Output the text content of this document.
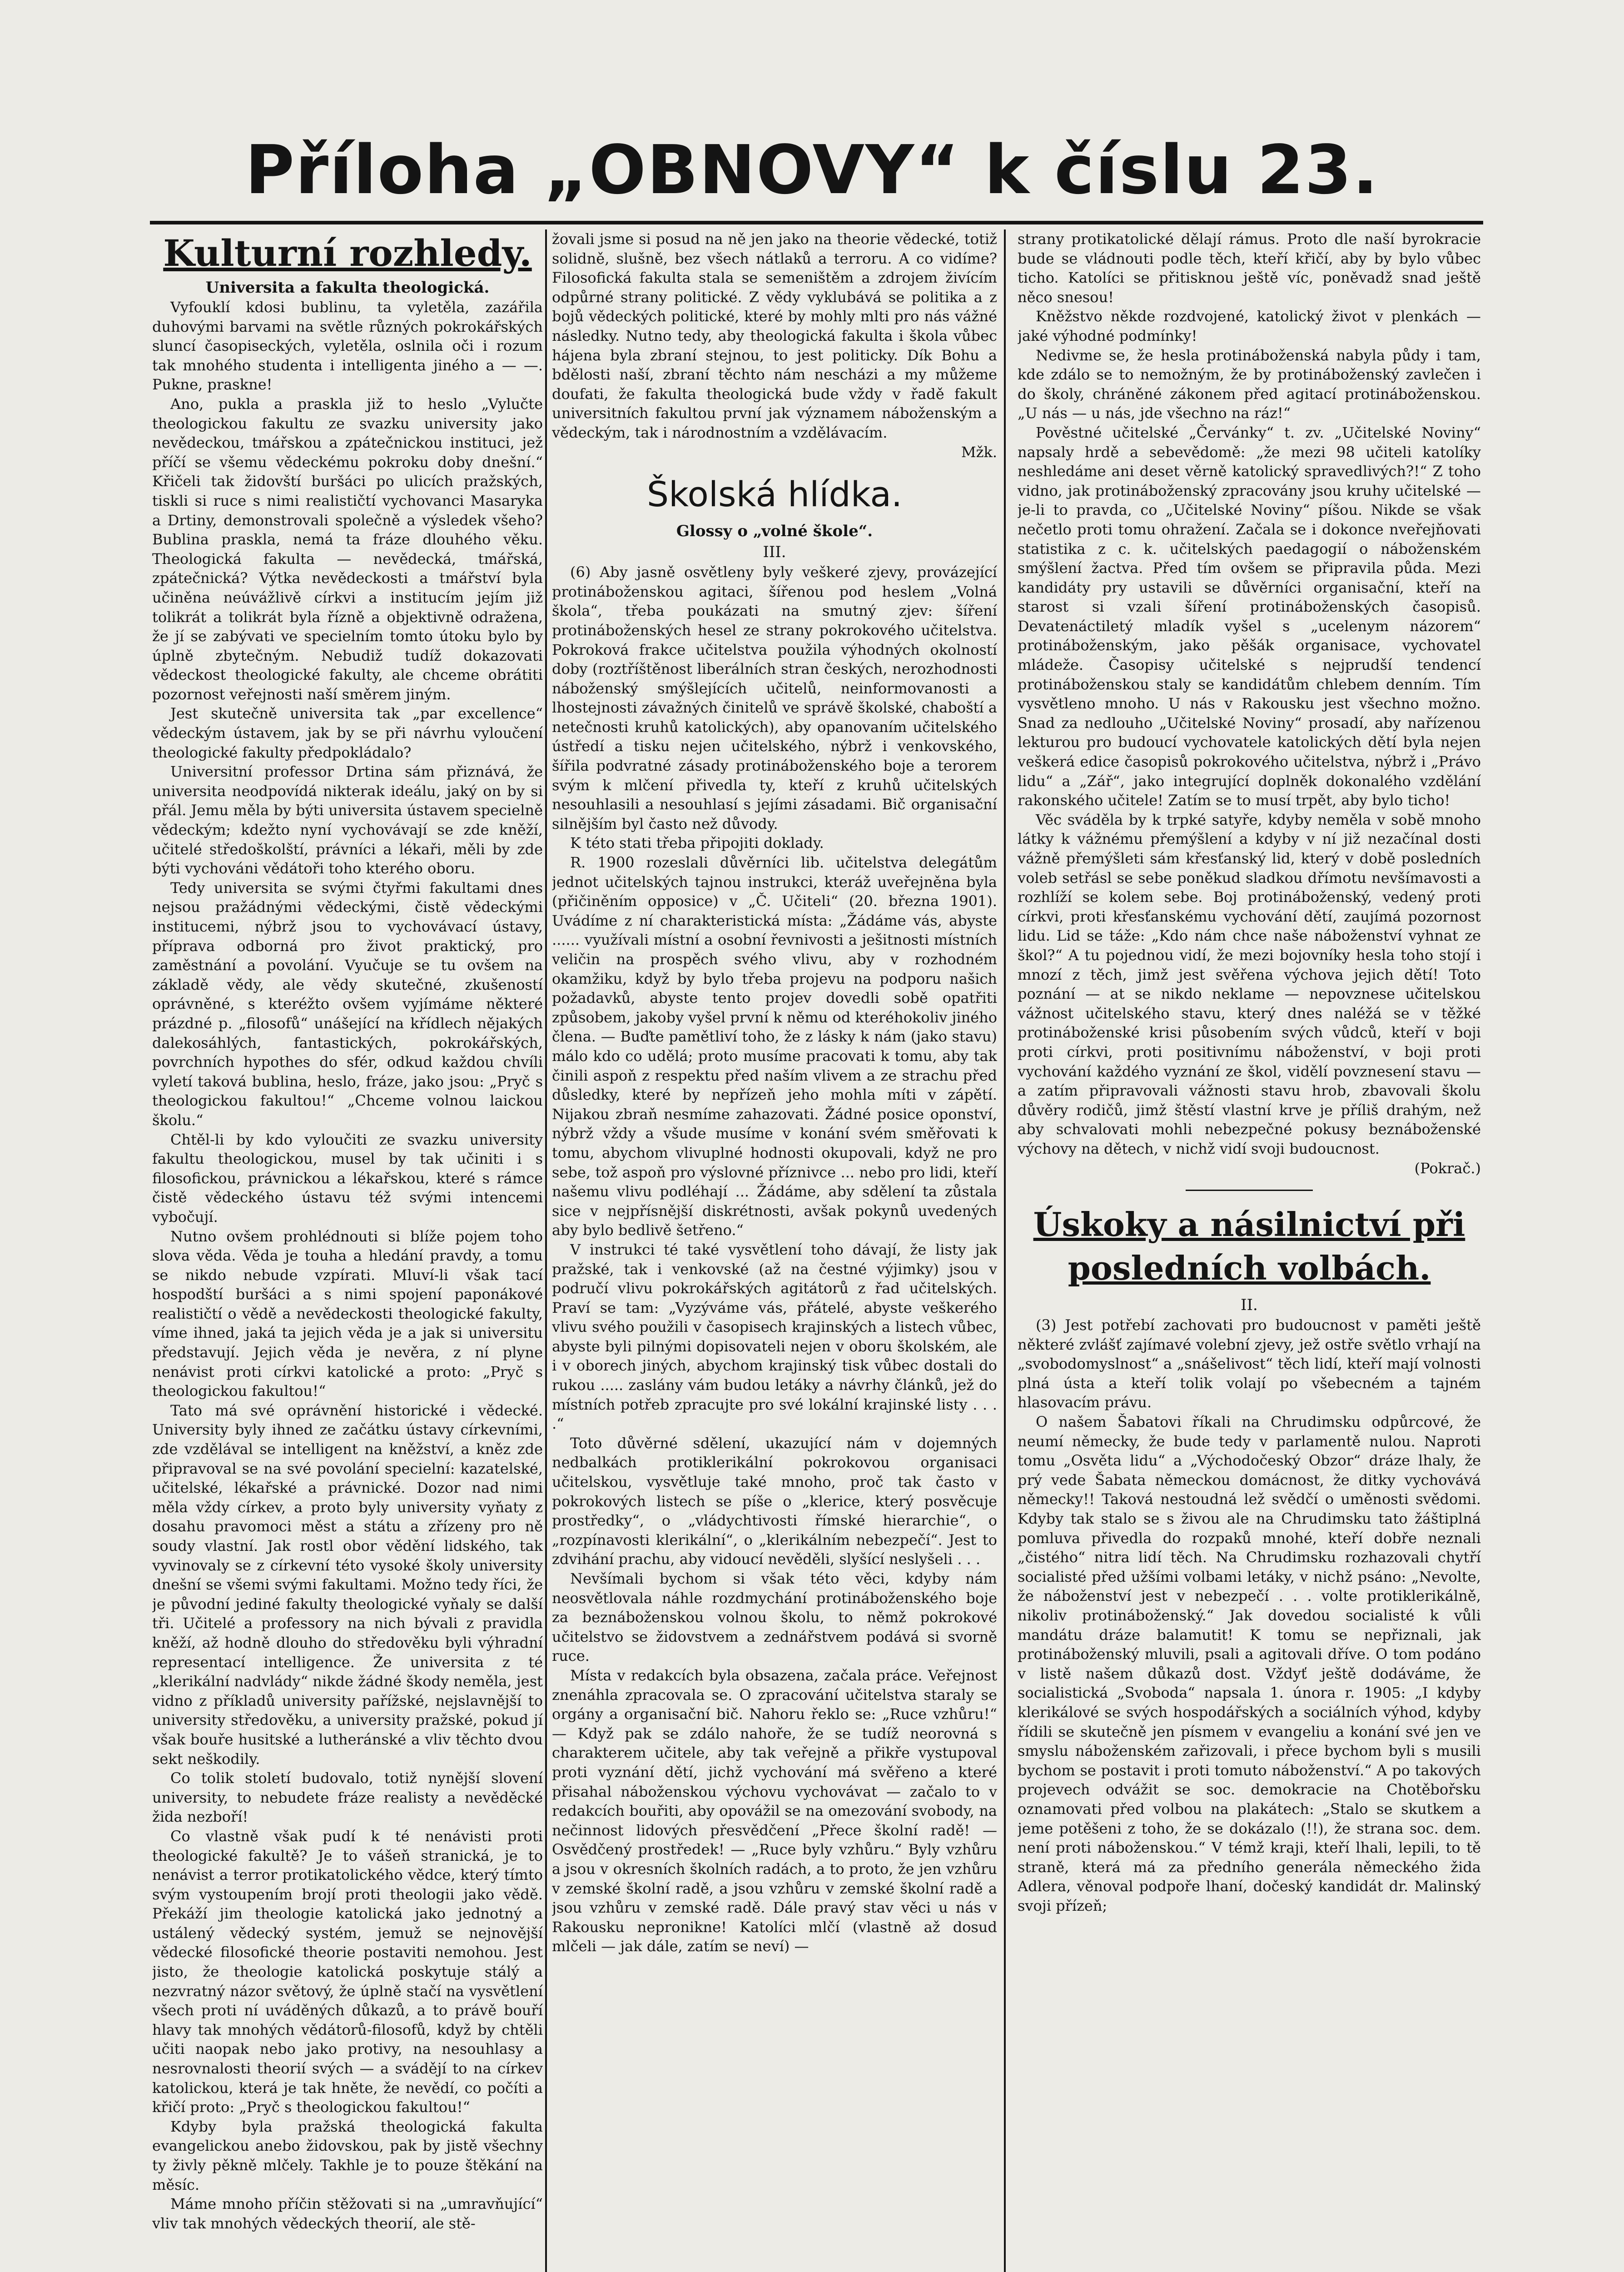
Příloha „OBNOVY“ k číslu 23.
Kulturní rozhledy.
Universita a fakulta theologická.

Vyfouklí kdosi bublinu, ta vyletěla, zazářila duhovými barvami na světle různých pokrokářských sluncí časopiseckých, vyletěla, oslnila oči i rozum tak mnohého studenta i intelligenta jiného a — —. Pukne, praskne!

Ano, pukla a praskla již to heslo „Vylučte theologickou fakultu ze svazku university jako nevědeckou, tmářskou a zpátečnickou instituci, jež příčí se všemu vědeckému pokroku doby dnešní.“ Křičeli tak židovští buršáci po ulicích pražských, tiskli si ruce s nimi realističtí vychovanci Masaryka a Drtiny, demonstrovali společně a výsledek všeho? Bublina praskla, nemá ta fráze dlouhého věku. Theologická fakulta — nevědecká, tmářská, zpátečnická? Výtka nevědeckosti a tmářství byla učiněna neúvážlivě církvi a institucím jejím již tolikrát a tolikrát byla řízně a objektivně odražena, že jí se zabývati ve specielním tomto útoku bylo by úplně zbytečným. Nebudiž tudíž dokazovati vědeckost theologické fakulty, ale chceme obrátiti pozornost veřejnosti naší směrem jiným.

Jest skutečně universita tak „par excellence“ vědeckým ústavem, jak by se při návrhu vyloučení theologické fakulty předpokládalo?

Universitní professor Drtina sám přiznává, že universita neodpovídá nikterak ideálu, jaký on by si přál. Jemu měla by býti universita ústavem specielně vědeckým; kdežto nyní vychovávají se zde kněží, učitelé středoškolští, právníci a lékaři, měli by zde býti vychováni vědátoři toho kterého oboru.

Tedy universita se svými čtyřmi fakultami dnes nejsou pražádnými vědeckými, čistě vědeckými institucemi, nýbrž jsou to vychovávací ústavy, příprava odborná pro život praktický, pro zaměstnání a povolání. Vyučuje se tu ovšem na základě vědy, ale vědy skutečné, zkušeností oprávněné, s kteréžto ovšem vyjímáme některé prázdné p. „filosofů“ unášející na křídlech nějakých dalekosáhlých, fantastických, pokrokářských, povrchních hypothes do sfér, odkud každou chvíli vyletí taková bublina, heslo, fráze, jako jsou: „Pryč s theologickou fakultou!“ „Chceme volnou laickou školu.“

Chtěl-li by kdo vyloučiti ze svazku university fakultu theologickou, musel by tak učiniti i s filosofickou, právnickou a lékařskou, které s rámce čistě vědeckého ústavu též svými intencemi vybočují.

Nutno ovšem prohlédnouti si blíže pojem toho slova věda. Věda je touha a hledání pravdy, a tomu se nikdo nebude vzpírati. Mluví-li však tací hospodští buršáci a s nimi spojení paponákové realističtí o vědě a nevědeckosti theologické fakulty, víme ihned, jaká ta jejich věda je a jak si universitu představují. Jejich věda je nevěra, z ní plyne nenávist proti církvi katolické a proto: „Pryč s theologickou fakultou!“

Tato má své oprávnění historické i vědecké. University byly ihned ze začátku ústavy církevními, zde vzdělával se intelligent na kněžství, a kněz zde připravoval se na své povolání specielní: kazatelské, učitelské, lékařské a právnické. Dozor nad nimi měla vždy církev, a proto byly university vyňaty z dosahu pravomoci měst a státu a zřízeny pro ně soudy vlastní. Jak rostl obor vědění lidského, tak vyvinovaly se z církevní této vysoké školy university dnešní se všemi svými fakultami. Možno tedy říci, že je původní jediné fakulty theologické vyňaly se další tři. Učitelé a professory na nich bývali z pravidla kněží, až hodně dlouho do středověku byli výhradní representací intelligence. Že universita z té „klerikální nadvlády“ nikde žádné škody neměla, jest vidno z příkladů university pařížské, nejslavnější to university středověku, a university pražské, pokud jí však bouře husitské a lutheránské a vliv těchto dvou sekt neškodily.

Co tolik století budovalo, totiž nynější slovení university, to nebudete fráze realisty a nevěděcké žida nezboří!

Co vlastně však pudí k té nenávisti proti theologické fakultě? Je to vášeň stranická, je to nenávist a terror protikatolického vědce, který tímto svým vystoupením brojí proti theologii jako vědě. Překáží jim theologie katolická jako jednotný a ustálený vědecký systém, jemuž se nejnovější vědecké filosofické theorie postaviti nemohou. Jest jisto, že theologie katolická poskytuje stálý a nezvratný názor světový, že úplně stačí na vysvětlení všech proti ní uváděných důkazů, a to právě bouří hlavy tak mnohých vědátorů-filosofů, když by chtěli učiti naopak nebo jako protivy, na nesouhlasy a nesrovnalosti theorií svých — a svádějí to na církev katolickou, která je tak hněte, že nevědí, co počíti a křičí proto: „Pryč s theologickou fakultou!“

Kdyby byla pražská theologická fakulta evangelickou anebo židovskou, pak by jistě všechny ty živly pěkně mlčely. Takhle je to pouze štěkání na měsíc.

Máme mnoho příčin stěžovati si na „umravňující“ vliv tak mnohých vědeckých theorií, ale stě-

žovali jsme si posud na ně jen jako na theorie vědecké, totiž solidně, slušně, bez všech nátlaků a terroru. A co vidíme? Filosofická fakulta stala se semeništěm a zdrojem živícím odpůrné strany politické. Z vědy vyklubává se politika a z bojů vědeckých politické, které by mohly mlti pro nás vážné následky. Nutno tedy, aby theologická fakulta i škola vůbec hájena byla zbraní stejnou, to jest politicky. Dík Bohu a bdělosti naší, zbraní těchto nám nescházi a my můžeme doufati, že fakulta theologická bude vždy v řadě fakult universitních fakultou první jak významem náboženským a vědeckým, tak i národnostním a vzdělávacím.

Mžk.
Školská hlídka.
Glossy o „volné škole“.
III.

(6) Aby jasně osvětleny byly veškeré zjevy, provázející protináboženskou agitaci, šířenou pod heslem „Volná škola“, třeba poukázati na smutný zjev: šíření protináboženských hesel ze strany pokrokového učitelstva. Pokroková frakce učitelstva použila výhodných okolností doby (roztříštěnost liberálních stran českých, nerozhodnosti náboženský smýšlejících učitelů, neinformovanosti a lhostejnosti závažných činitelů ve správě školské, chaboští a netečnosti kruhů katolických), aby opanovaním učitelského ústředí a tisku nejen učitelského, nýbrž i venkovského, šířila podvratné zásady protináboženského boje a terorem svým k mlčení přivedla ty, kteří z kruhů učitelských nesouhlasili a nesouhlasí s jejími zásadami. Bič organisační silnějším byl často než důvody.

K této stati třeba připojiti doklady.

R. 1900 rozeslali důvěrníci lib. učitelstva delegátům jednot učitelských tajnou instrukci, kteráž uveřejněna byla (přičiněním opposice) v „Č. Učiteli“ (20. března 1901). Uvádíme z ní charakteristická místa: „Žádáme vás, abyste ...... využívali místní a osobní řevnivosti a ješitnosti místních veličin na prospěch svého vlivu, aby v rozhodném okamžiku, když by bylo třeba projevu na podporu našich požadavků, abyste tento projev dovedli sobě opatřiti způsobem, jakoby vyšel první k němu od kteréhokoliv jiného člena. — Buďte pamětliví toho, že z lásky k nám (jako stavu) málo kdo co udělá; proto musíme pracovati k tomu, aby tak činili aspoň z respektu před naším vlivem a ze strachu před důsledky, které by nepřízeň jeho mohla míti v zápětí. Nijakou zbraň nesmíme zahazovati. Žádné posice oponství, nýbrž vždy a všude musíme v konání svém směřovati k tomu, abychom vlivuplné hodnosti okupovali, když ne pro sebe, tož aspoň pro výslovné příznivce ... nebo pro lidi, kteří našemu vlivu podléhají ... Žádáme, aby sdělení ta zůstala sice v nejpřísnější diskrétnosti, avšak pokynů uvedených aby bylo bedlivě šetřeno.“

V instrukci té také vysvětlení toho dávají, že listy jak pražské, tak i venkovské (až na čestné výjimky) jsou v područí vlivu pokrokářských agitátorů z řad učitelských. Praví se tam: „Vyzýváme vás, přátelé, abyste veškerého vlivu svého použili v časopisech krajinských a listech vůbec, abyste byli pilnými dopisovateli nejen v oboru školském, ale i v oborech jiných, abychom krajinský tisk vůbec dostali do rukou ..... zaslány vám budou letáky a návrhy článků, jež do místních potřeb zpracujte pro své lokální krajinské listy . . . .“

Toto důvěrné sdělení, ukazující nám v dojemných nedbalkách protiklerikální pokrokovou organisaci učitelskou, vysvětluje také mnoho, proč tak často v pokrokových listech se píše o „klerice, který posvěcuje prostředky“, o „vládychtivosti římské hierarchie“, o „rozpínavosti klerikální“, o „klerikálním nebezpečí“. Jest to zdvihání prachu, aby vidoucí nevěděli, slyšící neslyšeli . . .

Nevšímali bychom si však této věci, kdyby nám neosvětlovala náhle rozdmychání protináboženského boje za beznáboženskou volnou školu, to němž pokrokové učitelstvo se židovstvem a zednářstvem podává si svorně ruce.

Místa v redakcích byla obsazena, začala práce. Veřejnost znenáhla zpracovala se. O zpracování učitelstva staraly se orgány a organisační bič. Nahoru řeklo se: „Ruce vzhůru!“ — Když pak se zdálo nahoře, že se tudíž neorovná s charakterem učitele, aby tak veřejně a přikře vystupoval proti vyznání dětí, jichž vychování má svěřeno a které přisahal náboženskou výchovu vychovávat — začalo to v redakcích bouřiti, aby opovážil se na omezování svobody, na nečinnost lidových přesvědčení „Přece školní radě! — Osvědčený prostředek! — „Ruce byly vzhůru.“ Byly vzhůru a jsou v okresních školních radách, a to proto, že jen vzhůru v zemské školní radě, a jsou vzhůru v zemské školní radě a jsou vzhůru v zemské radě. Dále pravý stav věci u nás v Rakousku nepronikne! Katolíci mlčí (vlastně až dosud mlčeli — jak dále, zatím se neví) —

strany protikatolické dělají rámus. Proto dle naší byrokracie bude se vládnouti podle těch, kteří křičí, aby by bylo vůbec ticho. Katolíci se přitisknou ještě víc, poněvadž snad ještě něco snesou!

Kněžstvo někde rozdvojené, katolický život v plenkách — jaké výhodné podmínky!

Nedivme se, že hesla protináboženská nabyla půdy i tam, kde zdálo se to nemožným, že by protináboženský zavlečen i do školy, chráněné zákonem před agitací protináboženskou. „U nás — u nás, jde všechno na ráz!“

Pověstné učitelské „Červánky“ t. zv. „Učitelské Noviny“ napsaly hrdě a sebevědomě: „že mezi 98 učiteli katolíky neshledáme ani deset věrně katolický spravedlivých?!“ Z toho vidno, jak protináboženský zpracovány jsou kruhy učitelské — je-li to pravda, co „Učitelské Noviny“ píšou. Nikde se však nečetlo proti tomu ohražení. Začala se i dokonce nveřejňovati statistika z c. k. učitelských paedagogií o náboženském smýšlení žactva. Před tím ovšem se připravila půda. Mezi kandidáty pry ustavili se důvěrníci organisační, kteří na starost si vzali šíření protináboženských časopisů. Devatenáctiletý mladík vyšel s „ucelenym názorem“ protináboženským, jako pěšák organisace, vychovatel mládeže. Časopisy učitelské s nejprudší tendencí protináboženskou staly se kandidátům chlebem denním. Tím vysvětleno mnoho. U nás v Rakousku jest všechno možno. Snad za nedlouho „Učitelské Noviny“ prosadí, aby nařízenou lekturou pro budoucí vychovatele katolických dětí byla nejen veškerá edice časopisů pokrokového učitelstva, nýbrž i „Právo lidu“ a „Zář“, jako integrující doplněk dokonalého vzdělání rakonského učitele! Zatím se to musí trpět, aby bylo ticho!

Věc sváděla by k trpké satyře, kdyby neměla v sobě mnoho látky k vážnému přemýšlení a kdyby v ní již nezačínal dosti vážně přemýšleti sám křesťanský lid, který v době posledních voleb setřásl se sebe poněkud sladkou dřímotu nevšímavosti a rozhlíží se kolem sebe. Boj protináboženský, vedený proti církvi, proti křesťanskému vychování dětí, zaujímá pozornost lidu. Lid se táže: „Kdo nám chce naše náboženství vyhnat ze škol?“ A tu pojednou vidí, že mezi bojovníky hesla toho stojí i mnozí z těch, jimž jest svěřena výchova jejich dětí! Toto poznání — at se nikdo neklame — nepovznese učitelskou vážnost učitelského stavu, který dnes naléžá se v těžké protináboženské krisi působením svých vůdců, kteří v boji proti církvi, proti positivnímu náboženství, v boji proti vychování každého vyznání ze škol, vidělí povznesení stavu — a zatím připravovali vážnosti stavu hrob, zbavovali školu důvěry rodičů, jimž štěstí vlastní krve je příliš drahým, než aby schvalovati mohli nebezpečné pokusy beznáboženské výchovy na dětech, v nichž vidí svoji budoucnost.

(Pokrač.)
Úskoky a násilnictví při posledních volbách.
II.

(3) Jest potřebí zachovati pro budoucnost v paměti ještě některé zvlášť zajímavé volební zjevy, jež ostře světlo vrhají na „svobodomyslnost“ a „snášelivost“ těch lidí, kteří mají volnosti plná ústa a kteří tolik volají po všebecném a tajném hlasovacím právu.

O našem Šabatovi říkali na Chrudimsku odpůrcové, že neumí německy, že bude tedy v parlamentě nulou. Naproti tomu „Osvěta lidu“ a „Východočeský Obzor“ dráze lhaly, že prý vede Šabata německou domácnost, že ditky vychovává německy!! Taková nestoudná lež svědčí o uměnosti svědomi. Kdyby tak stalo se s živou ale na Chrudimsku tato žáštiplná pomluva přivedla do rozpaků mnohé, kteří dobře neznali „čistého“ nitra lidí těch. Na Chrudimsku rozhazovali chytří socialisté před užšími volbami letáky, v nichž psáno: „Nevolte, že náboženství jest v nebezpečí . . . volte protiklerikálně, nikoliv protináboženský.“ Jak dovedou socialisté k vůli mandátu dráze balamutit! K tomu se nepřiznali, jak protináboženský mluvili, psali a agitovali dříve. O tom podáno v listě našem důkazů dost. Vždyť ještě dodáváme, že socialistická „Svoboda“ napsala 1. února r. 1905: „I kdyby klerikálové se svých hospodářských a sociálních výhod, kdyby řídili se skutečně jen písmem v evangeliu a konání své jen ve smyslu náboženském zařizovali, i přece bychom byli s musili bychom se postavit i proti tomuto náboženství.“ A po takových projevech odvážit se soc. demokracie na Chotěbořsku oznamovati před volbou na plakátech: „Stalo se skutkem a jeme potěšeni z toho, že se dokázalo (!!), že strana soc. dem. není proti náboženskou.“ V témž kraji, kteří lhali, lepili, to tě straně, která má za předního generála německého žida Adlera, věnoval podpoře lhaní, dočeský kandidát dr. Malinský svoji přízeň;
